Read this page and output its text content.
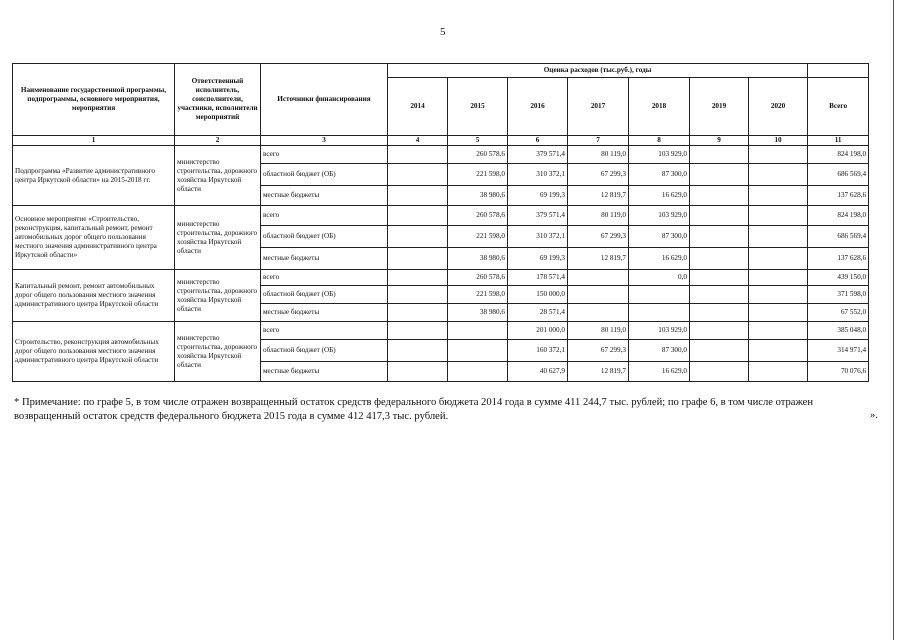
5
Наименование государственной программы, подпрограммы, основного мероприятия, мероприятия	Ответственный исполнитель, соисполнители, участники, исполнители мероприятий	Источники финансирования	Оценка расходов (тыс.руб.), годы							
			2014	2015	2016	2017	2018	2019	2020	Всего
1	2	3	4	5	6	7	8	9	10	11
Подпрограмма «Развитие административного центра Иркутской области» на 2015-2018 гг.	министерство строительства, дорожного хозяйства Иркутской области	всего		260 578,6	379 571,4	80 119,0	103 929,0			824 198,0
		областной бюджет (ОБ)		221 598,0	310 372,1	67 299,3	87 300,0			686 569,4
		местные бюджеты		38 980,6	69 199,3	12 819,7	16 629,0			137 628,6
Основное мероприятие «Строительство, реконструкция, капитальный ремонт, ремонт автомобильных дорог общего пользования местного значения административного центра Иркутской области»	министерство строительства, дорожного хозяйства Иркутской области	всего		260 578,6	379 571,4	80 119,0	103 929,0			824 198,0
		областной бюджет (ОБ)		221 598,0	310 372,1	67 299,3	87 300,0			686 569,4
		местные бюджеты		38 980,6	69 199,3	12 819,7	16 629,0			137 628,6
Капитальный ремонт, ремонт автомобильных дорог общего пользования местного значения административного центра Иркутской области	министерство строительства, дорожного хозяйства Иркутской области	всего		260 578,6	178 571,4		0,0			439 150,0
		областной бюджет (ОБ)		221 598,0	150 000,0					371 598,0
		местные бюджеты		38 980,6	28 571,4					67 552,0
Строительство, реконструкция автомобильных дорог общего пользования местного значения административного центра Иркутской области	министерство строительства, дорожного хозяйства Иркутской области	всего			201 000,0	80 119,0	103 929,0			385 048,0
		областной бюджет (ОБ)			160 372,1	67 299,3	87 300,0			314 971,4
		местные бюджеты			40 627,9	12 819,7	16 629,0			70 076,6
* Примечание: по графе 5, в том числе отражен возвращенный остаток средств федерального бюджета 2014 года в сумме 411 244,7 тыс. рублей; по графе 6, в том числе отражен возвращенный остаток средств федерального бюджета 2015 года в сумме 412 417,3 тыс. рублей.	».
